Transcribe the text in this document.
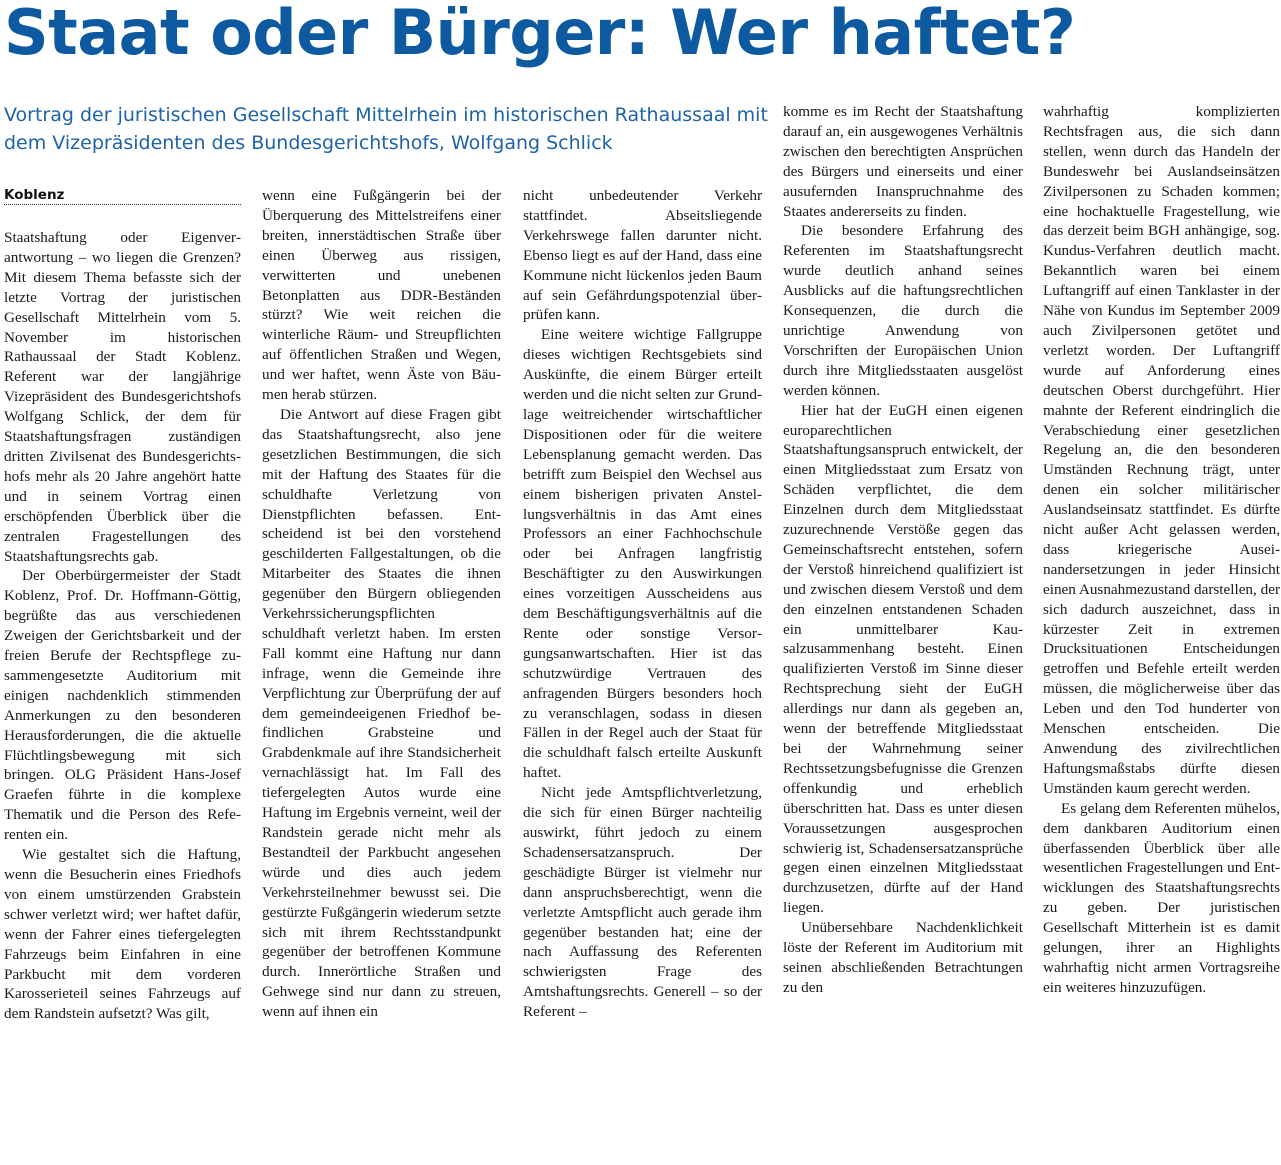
Staat oder Bürger: Wer haftet?

Vortrag der juristischen Gesellschaft Mittelrhein im historischen Rathaussaal mit dem Vizepräsidenten des Bundesgerichtshofs, Wolfgang Schlick

Koblenz

Staatshaftung oder Eigenverantwortung – wo liegen die Grenzen? Mit diesem Thema befasste sich der letzte Vortrag der juristischen Gesellschaft Mittelrhein vom 5. November im historischen Rathaussaal der Stadt Koblenz. Referent war der langjährige Vizepräsident des Bundesgerichtshofs Wolfgang Schlick, der dem für Staatshaftungsfragen zuständigen dritten Zivilsenat des Bundesgerichtshofs mehr als 20 Jahre angehört hatte und in seinem Vortrag einen erschöpfenden Überblick über die zentralen Fragestellungen des Staatshaftungsrechts gab.

Der Oberbürgermeister der Stadt Koblenz, Prof. Dr. Hoffmann-Göttig, begrüßte das aus verschiedenen Zweigen der Gerichtsbarkeit und der freien Berufe der Rechtspflege zusammengesetzte Auditorium mit einigen nachdenklich stimmenden Anmerkungen zu den besonderen Herausforderungen, die die aktuelle Flüchtlingsbewegung mit sich bringen. OLG Präsident Hans-Josef Graefen führte in die komplexe Thematik und die Person des Referenten ein.

Wie gestaltet sich die Haftung, wenn die Besucherin eines Friedhofs von einem umstürzenden Grabstein schwer verletzt wird; wer haftet dafür, wenn der Fahrer eines tiefergelegten Fahrzeugs beim Einfahren in eine Parkbucht mit dem vorderen Karosserieteil seines Fahrzeugs auf dem Randstein aufsetzt? Was gilt,

wenn eine Fußgängerin bei der Überquerung des Mittelstreifens einer breiten, innerstädtischen Straße über einen Überweg aus rissigen, verwitterten und unebenen Betonplatten aus DDR-Beständen stürzt? Wie weit reichen die winterliche Räum- und Streupflichten auf öffentlichen Straßen und Wegen, und wer haftet, wenn Äste von Bäumen herab stürzen.

Die Antwort auf diese Fragen gibt das Staatshaftungsrecht, also jene gesetzlichen Bestimmungen, die sich mit der Haftung des Staates für die schuldhafte Verletzung von Dienstpflichten befassen. Entscheidend ist bei den vorstehend geschilderten Fallgestaltungen, ob die Mitarbeiter des Staates die ihnen gegenüber den Bürgern obliegenden Verkehrssicherungspflichten schuldhaft verletzt haben. Im ersten Fall kommt eine Haftung nur dann infrage, wenn die Gemeinde ihre Verpflichtung zur Überprüfung der auf dem gemeindeeigenen Friedhof befindlichen Grabsteine und Grabdenkmale auf ihre Standsicherheit vernachlässigt hat. Im Fall des tiefergelegten Autos wurde eine Haftung im Ergebnis verneint, weil der Randstein gerade nicht mehr als Bestandteil der Parkbucht angesehen würde und dies auch jedem Verkehrsteilnehmer bewusst sei. Die gestürzte Fußgängerin wiederum setzte sich mit ihrem Rechtsstandpunkt gegenüber der betroffenen Kommune durch. Innerörtliche Straßen und Gehwege sind nur dann zu streuen, wenn auf ihnen ein

nicht unbedeutender Verkehr stattfindet. Abseitsliegende Verkehrswege fallen darunter nicht. Ebenso liegt es auf der Hand, dass eine Kommune nicht lückenlos jeden Baum auf sein Gefährdungspotenzial überprüfen kann.

Eine weitere wichtige Fallgruppe dieses wichtigen Rechtsgebiets sind Auskünfte, die einem Bürger erteilt werden und die nicht selten zur Grundlage weitreichender wirtschaftlicher Dispositionen oder für die weitere Lebensplanung gemacht werden. Das betrifft zum Beispiel den Wechsel aus einem bisherigen privaten Anstellungsverhältnis in das Amt eines Professors an einer Fachhochschule oder bei Anfragen langfristig Beschäftigter zu den Auswirkungen eines vorzeitigen Ausscheidens aus dem Beschäftigungsverhältnis auf die Rente oder sonstige Versorgungsanwartschaften. Hier ist das schutzwürdige Vertrauen des anfragenden Bürgers besonders hoch zu veranschlagen, sodass in diesen Fällen in der Regel auch der Staat für die schuldhaft falsch erteilte Auskunft haftet.

Nicht jede Amtspflichtverletzung, die sich für einen Bürger nachteilig auswirkt, führt jedoch zu einem Schadensersatzanspruch. Der geschädigte Bürger ist vielmehr nur dann anspruchsberechtigt, wenn die verletzte Amtspflicht auch gerade ihm gegenüber bestanden hat; eine der nach Auffassung des Referenten schwierigsten Frage des Amtshaftungsrechts. Generell – so der Referent –

komme es im Recht der Staatshaftung darauf an, ein ausgewogenes Verhältnis zwischen den berechtigten Ansprüchen des Bürgers und einerseits und einer ausufernden Inanspruchnahme des Staates andererseits zu finden.

Die besondere Erfahrung des Referenten im Staatshaftungsrecht wurde deutlich anhand seines Ausblicks auf die haftungsrechtlichen Konsequenzen, die durch die unrichtige Anwendung von Vorschriften der Europäischen Union durch ihre Mitgliedsstaaten ausgelöst werden können.

Hier hat der EuGH einen eigenen europarechtlichen Staatshaftungsanspruch entwickelt, der einen Mitgliedsstaat zum Ersatz von Schäden verpflichtet, die dem Einzelnen durch dem Mitgliedsstaat zuzurechnende Verstöße gegen das Gemeinschaftsrecht entstehen, sofern der Verstoß hinreichend qualifiziert ist und zwischen diesem Verstoß und dem den einzelnen entstandenen Schaden ein unmittelbarer Kausalzusammenhang besteht. Einen qualifizierten Verstoß im Sinne dieser Rechtsprechung sieht der EuGH allerdings nur dann als gegeben an, wenn der betreffende Mitgliedsstaat bei der Wahrnehmung seiner Rechtssetzungsbefugnisse die Grenzen offenkundig und erheblich überschritten hat. Dass es unter diesen Voraussetzungen ausgesprochen schwierig ist, Schadensersatzansprüche gegen einen einzelnen Mitgliedsstaat durchzusetzen, dürfte auf der Hand liegen.

Unübersehbare Nachdenklichkeit löste der Referent im Auditorium mit seinen abschließenden Betrachtungen zu den

wahrhaftig komplizierten Rechtsfragen aus, die sich dann stellen, wenn durch das Handeln der Bundeswehr bei Auslandseinsätzen Zivilpersonen zu Schaden kommen; eine hochaktuelle Fragestellung, wie das derzeit beim BGH anhängige, sog. Kundus-Verfahren deutlich macht. Bekanntlich waren bei einem Luftangriff auf einen Tanklaster in der Nähe von Kundus im September 2009 auch Zivilpersonen getötet und verletzt worden. Der Luftangriff wurde auf Anforderung eines deutschen Oberst durchgeführt. Hier mahnte der Referent eindringlich die Verabschiedung einer gesetzlichen Regelung an, die den besonderen Umständen Rechnung trägt, unter denen ein solcher militärischer Auslandseinsatz stattfindet. Es dürfte nicht außer Acht gelassen werden, dass kriegerische Auseinandersetzungen in jeder Hinsicht einen Ausnahmezustand darstellen, der sich dadurch auszeichnet, dass in kürzester Zeit in extremen Drucksituationen Entscheidungen getroffen und Befehle erteilt werden müssen, die möglicherweise über das Leben und den Tod hunderter von Menschen entscheiden. Die Anwendung des zivilrechtlichen Haftungsmaßstabs dürfte diesen Umständen kaum gerecht werden.

Es gelang dem Referenten mühelos, dem dankbaren Auditorium einen überfassenden Überblick über alle wesentlichen Fragestellungen und Entwicklungen des Staatshaftungsrechts zu geben. Der juristischen Gesellschaft Mitterhein ist es damit gelungen, ihrer an Highlights wahrhaftig nicht armen Vortragsreihe ein weiteres hinzuzufügen.
